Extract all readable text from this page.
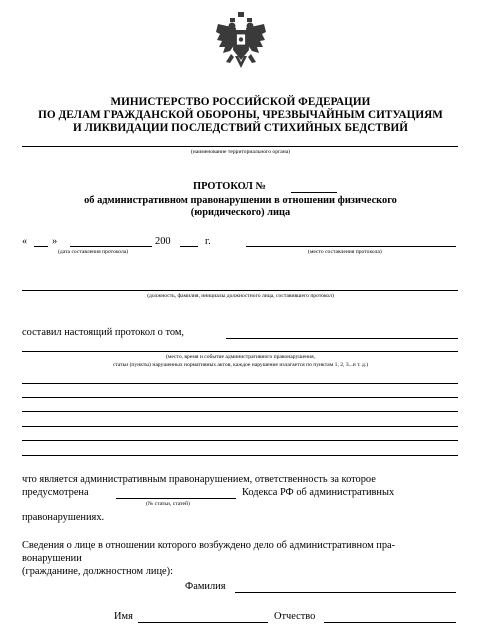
МИНИСТЕРСТВО РОССИЙСКОЙ ФЕДЕРАЦИИ
ПО ДЕЛАМ ГРАЖДАНСКОЙ ОБОРОНЫ, ЧРЕЗВЫЧАЙНЫМ СИТУАЦИЯМ
И ЛИКВИДАЦИИ ПОСЛЕДСТВИЙ СТИХИЙНЫХ БЕДСТВИЙ
(наименование территориального органа)
ПРОТОКОЛ №
об административном правонарушении в отношении физического
(юридического) лица
« »	200	г.
(дата составления протокола)	(место составления протокола)
(должность, фамилия, инициалы должностного лица, составившего протокол)
составил настоящий протокол о том,
(место, время и событие административного правонарушения,
статьи (пункты) нарушенных нормативных актов, каждое нарушение излагается по пунктам 1, 2, 3...и т. д.)
что является административным правонарушением, ответственность за которое
предусмотрена	Кодекса РФ об административных
(№ статьи, статей)
правонарушениях.
Сведения о лице в отношении которого возбуждено дело об административном пра-
вонарушении
(гражданине, должностном лице):
Фамилия
Имя	Отчество
